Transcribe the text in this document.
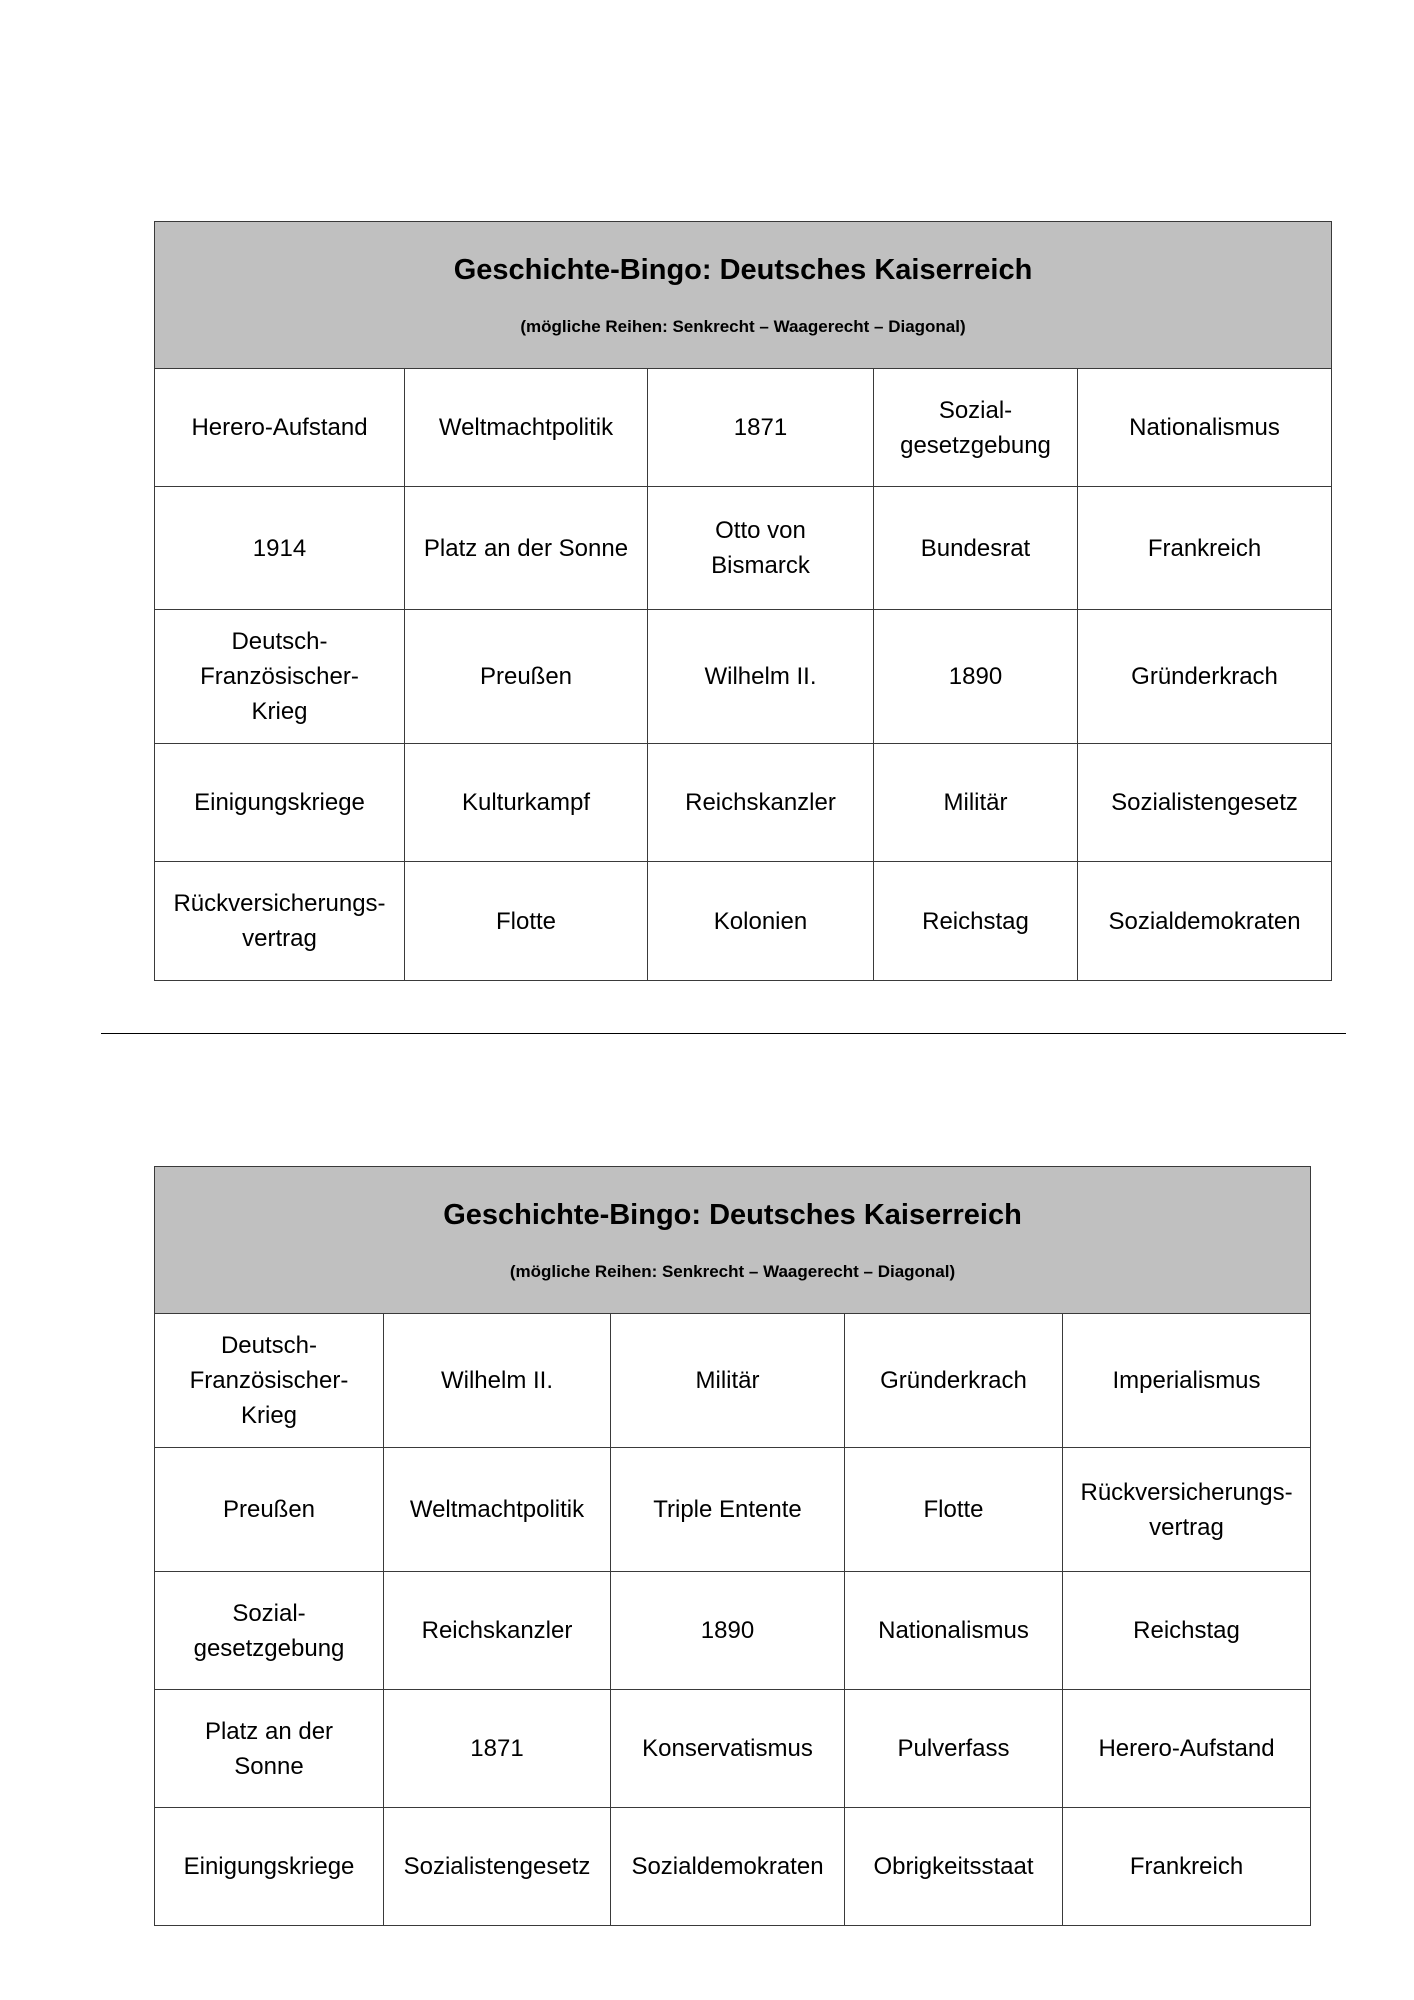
Geschichte-Bingo: Deutsches Kaiserreich

(mögliche Reihen: Senkrecht – Waagerecht – Diagonal)				

Herero-Aufstand	Weltmachtpolitik	1871	Sozial-
gesetzgebung	Nationalismus
1914	Platz an der Sonne	Otto von
Bismarck	Bundesrat	Frankreich
Deutsch-
Französischer-
Krieg	Preußen	Wilhelm II.	1890	Gründerkrach
Einigungskriege	Kulturkampf	Reichskanzler	Militär	Sozialistengesetz
Rückversicherungs-
vertrag	Flotte	Kolonien	Reichstag	Sozialdemokraten

Geschichte-Bingo: Deutsches Kaiserreich

(mögliche Reihen: Senkrecht – Waagerecht – Diagonal)				

Deutsch-
Französischer-
Krieg	Wilhelm II.	Militär	Gründerkrach	Imperialismus
Preußen	Weltmachtpolitik	Triple Entente	Flotte	Rückversicherungs-
vertrag
Sozial-
gesetzgebung	Reichskanzler	1890	Nationalismus	Reichstag
Platz an der
Sonne	1871	Konservatismus	Pulverfass	Herero-Aufstand
Einigungskriege	Sozialistengesetz	Sozialdemokraten	Obrigkeitsstaat	Frankreich
